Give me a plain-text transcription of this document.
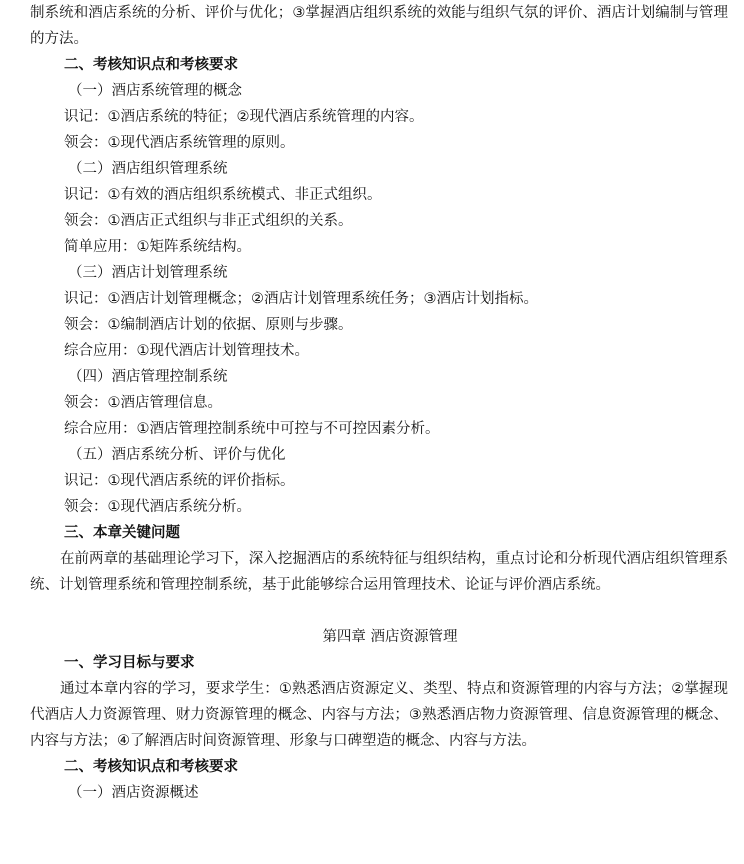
制系统和酒店系统的分析、评价与优化；③掌握酒店组织系统的效能与组织气氛的评价、酒店计划编制与管理的方法。

二、考核知识点和考核要求
（一）酒店系统管理的概念
识记：①酒店系统的特征；②现代酒店系统管理的内容。
领会：①现代酒店系统管理的原则。
（二）酒店组织管理系统
识记：①有效的酒店组织系统模式、非正式组织。
领会：①酒店正式组织与非正式组织的关系。
简单应用：①矩阵系统结构。
（三）酒店计划管理系统
识记：①酒店计划管理概念；②酒店计划管理系统任务；③酒店计划指标。
领会：①编制酒店计划的依据、原则与步骤。
综合应用：①现代酒店计划管理技术。
（四）酒店管理控制系统
领会：①酒店管理信息。
综合应用：①酒店管理控制系统中可控与不可控因素分析。
（五）酒店系统分析、评价与优化
识记：①现代酒店系统的评价指标。
领会：①现代酒店系统分析。
三、本章关键问题

在前两章的基础理论学习下，深入挖掘酒店的系统特征与组织结构，重点讨论和分析现代酒店组织管理系统、计划管理系统和管理控制系统，基于此能够综合运用管理技术、论证与评价酒店系统。

第四章 酒店资源管理
一、学习目标与要求

通过本章内容的学习，要求学生：①熟悉酒店资源定义、类型、特点和资源管理的内容与方法；②掌握现代酒店人力资源管理、财力资源管理的概念、内容与方法；③熟悉酒店物力资源管理、信息资源管理的概念、内容与方法；④了解酒店时间资源管理、形象与口碑塑造的概念、内容与方法。

二、考核知识点和考核要求
（一）酒店资源概述
